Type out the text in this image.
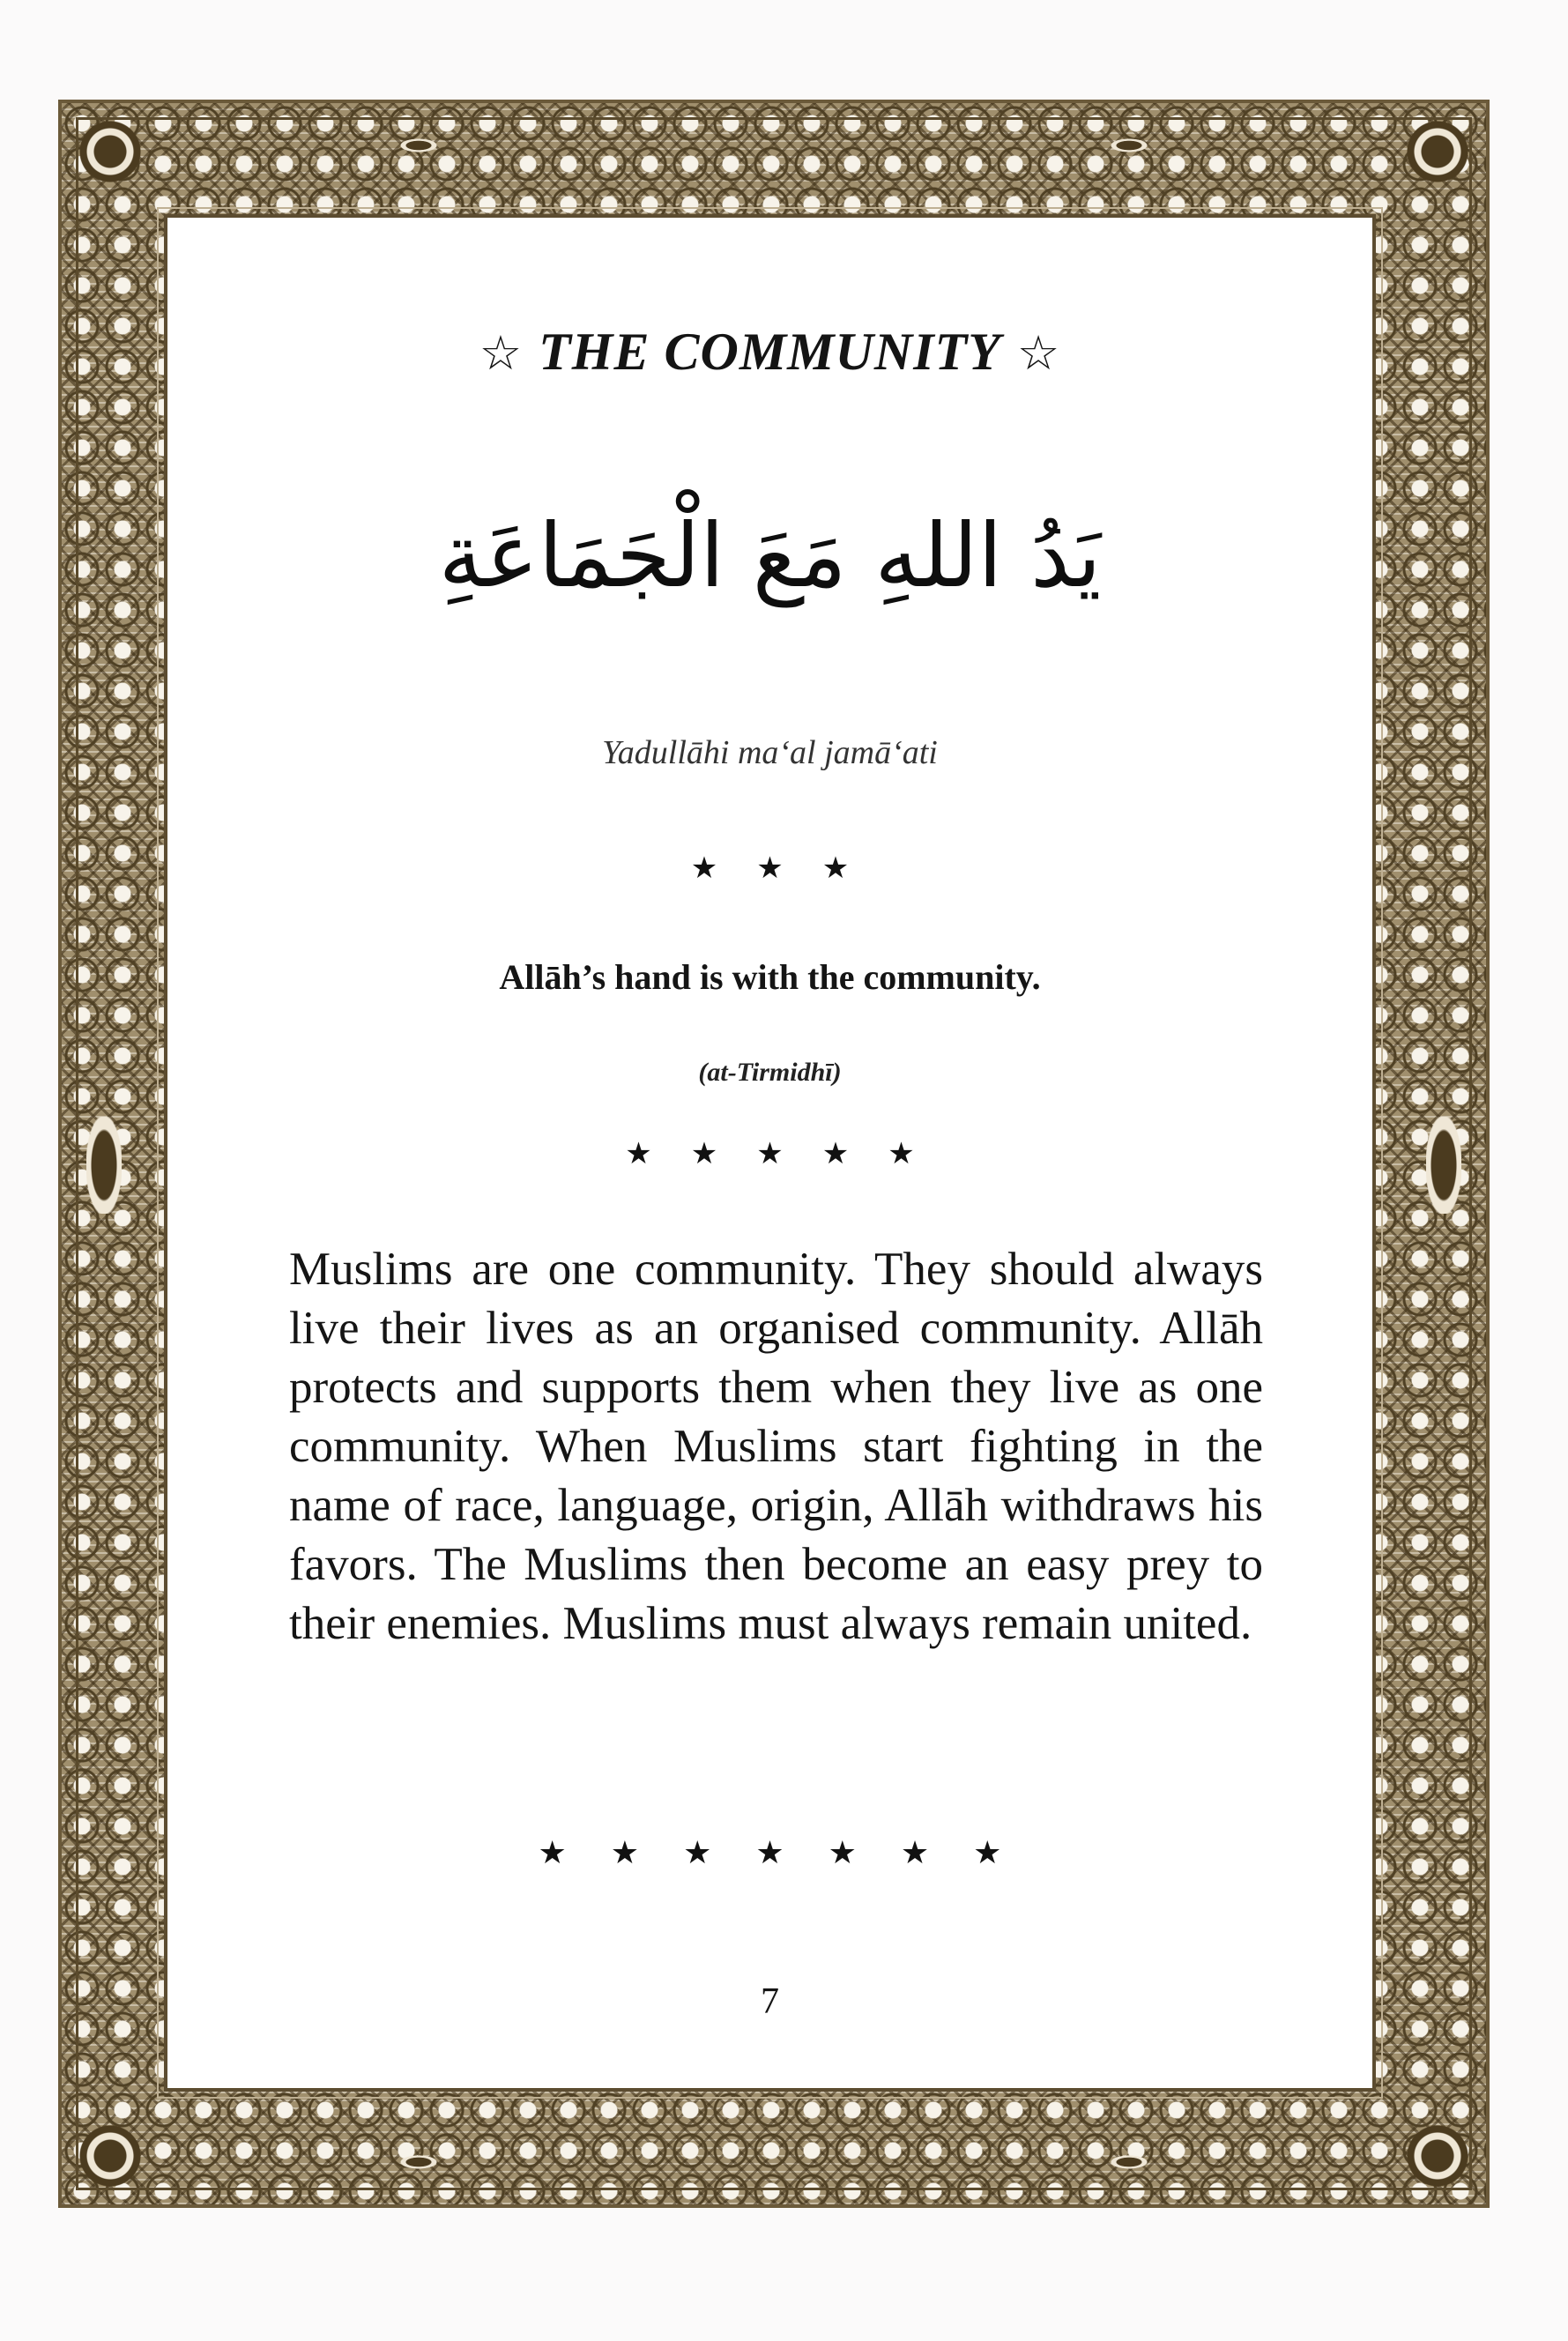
☆ THE COMMUNITY ☆
يَدُ اللهِ مَعَ الْجَمَاعَةِ
Yadullāhi ma‘al jamā‘ati
★★★
Allāh’s hand is with the community.
(at-Tirmidhī)
★★★★★

Muslims are one community. They should always live their lives as an organised community. Allāh protects and supports them when they live as one community. When Muslims start fighting in the name of race, language, origin, Allāh withdraws his favors. The Muslims then become an easy prey to their enemies. Muslims must always remain united.

★★★★★★★
7
